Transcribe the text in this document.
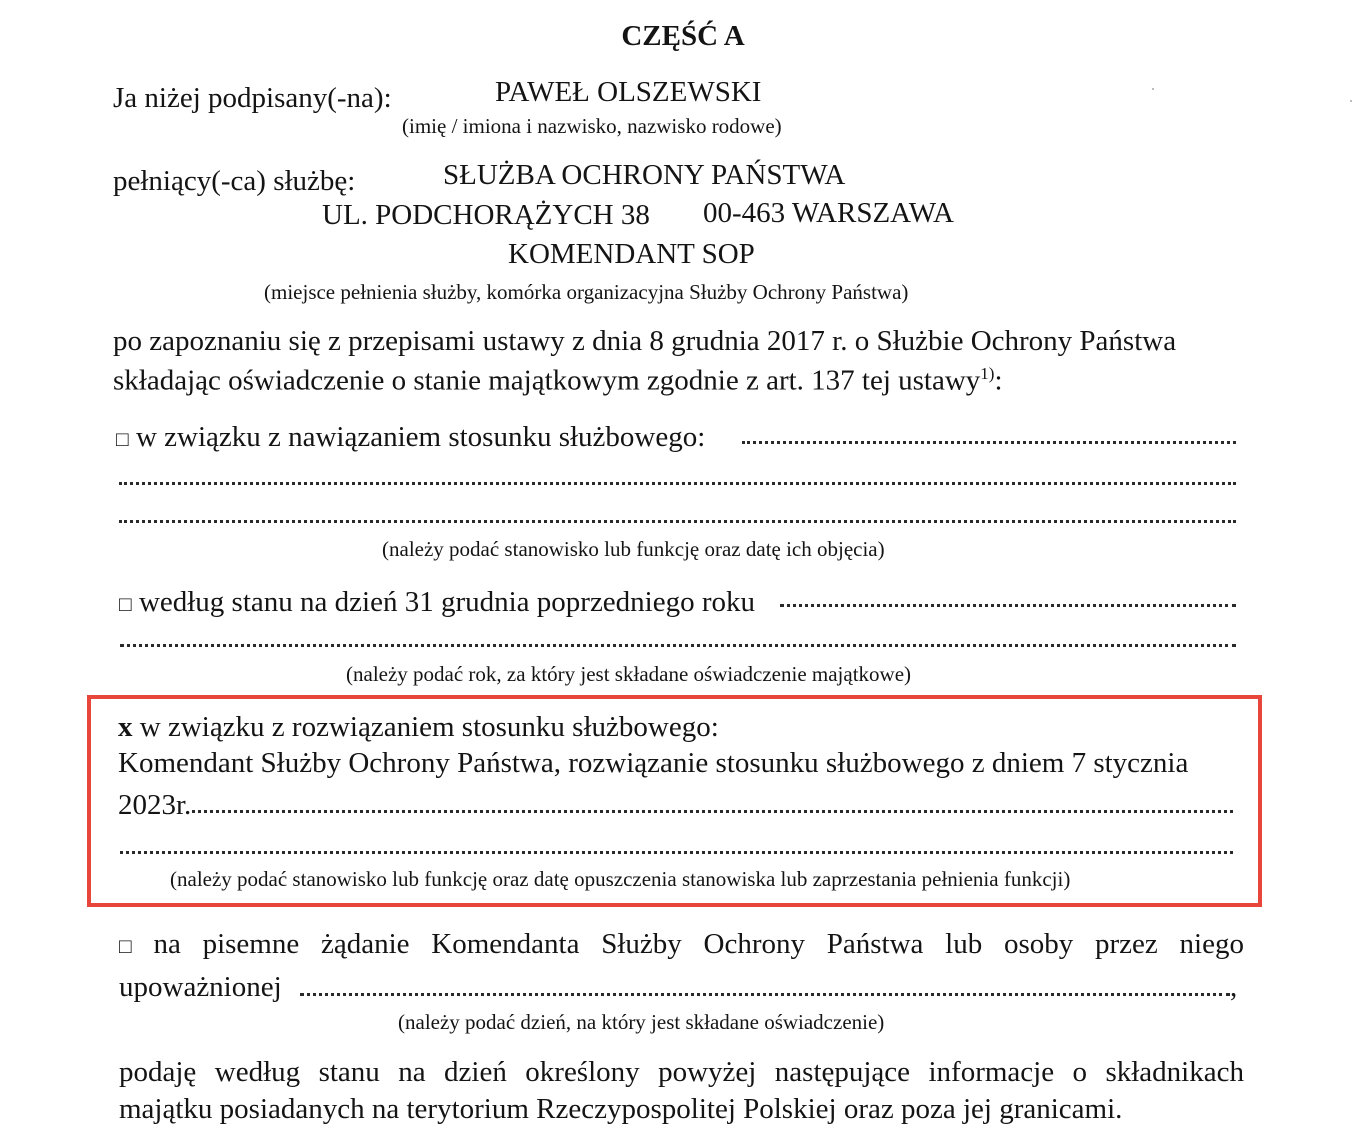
CZĘŚĆ A
Ja niżej podpisany(-na):	PAWEŁ OLSZEWSKI
(imię / imiona i nazwisko, nazwisko rodowe)
pełniący(-ca) służbę:	SŁUŻBA OCHRONY PAŃSTWA
UL. PODCHORĄŻYCH 38 00-463 WARSZAWA
KOMENDANT SOP
(miejsce pełnienia służby, komórka organizacyjna Służby Ochrony Państwa)
po zapoznaniu się z przepisami ustawy z dnia 8 grudnia 2017 r. o Służbie Ochrony Państwa
składając oświadczenie o stanie majątkowym zgodnie z art. 137 tej ustawy$^{1)}$:
□ w związku z nawiązaniem stosunku służbowego:
(należy podać stanowisko lub funkcję oraz datę ich objęcia)
□ według stanu na dzień 31 grudnia poprzedniego roku
(należy podać rok, za który jest składane oświadczenie majątkowe)
x w związku z rozwiązaniem stosunku służbowego:
Komendant Służby Ochrony Państwa, rozwiązanie stosunku służbowego z dniem 7 stycznia
2023r.
(należy podać stanowisko lub funkcję oraz datę opuszczenia stanowiska lub zaprzestania pełnienia funkcji)
□ na pisemne żądanie Komendanta Służby Ochrony Państwa lub osoby przez niego
upoważnionej	,
(należy podać dzień, na który jest składane oświadczenie)
podaję według stanu na dzień określony powyżej następujące informacje o składnikach
majątku posiadanych na terytorium Rzeczypospolitej Polskiej oraz poza jej granicami.
